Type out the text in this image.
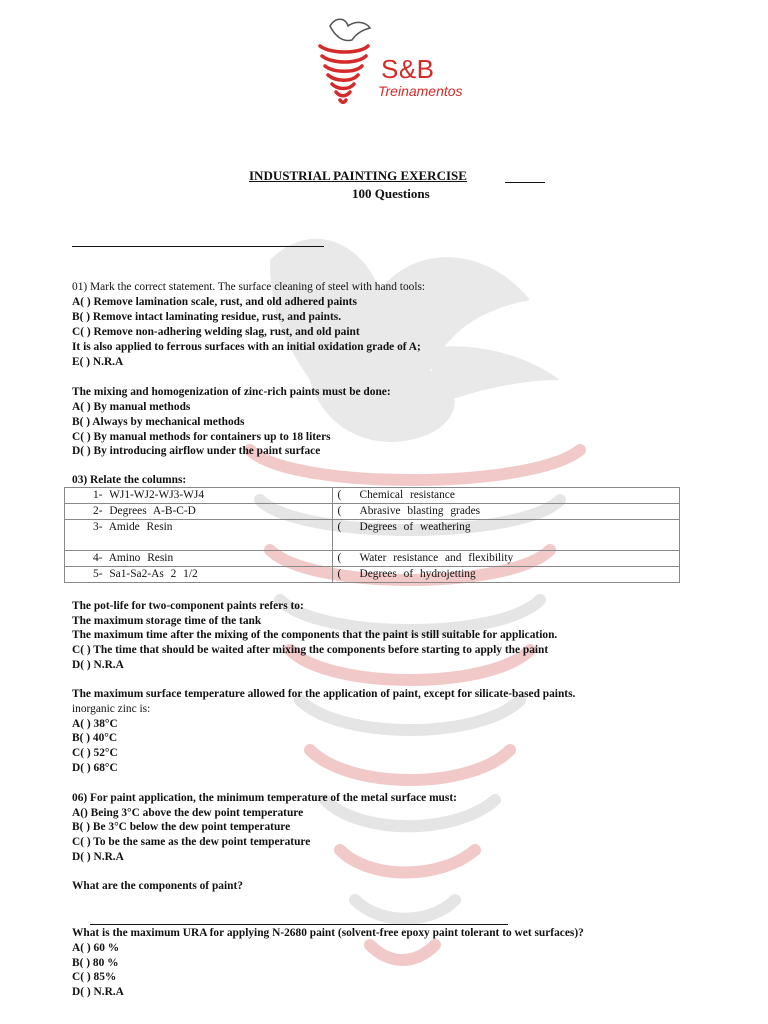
S&B
Treinamentos
INDUSTRIAL PAINTING EXERCISE
100 Questions
01) Mark the correct statement. The surface cleaning of steel with hand tools:
A( ) Remove lamination scale, rust, and old adhered paints
B( ) Remove intact laminating residue, rust, and paints.
C( ) Remove non-adhering welding slag, rust, and old paint
It is also applied to ferrous surfaces with an initial oxidation grade of A;
E( ) N.R.A
The mixing and homogenization of zinc-rich paints must be done:
A( ) By manual methods
B( ) Always by mechanical methods
C( ) By manual methods for containers up to 18 liters
D( ) By introducing airflow under the paint surface
03) Relate the columns:
1- WJ1-WJ2-WJ3-WJ4	( Chemical resistance
2- Degrees A-B-C-D	( Abrasive blasting grades
3- Amide Resin	( Degrees of weathering
4- Amino Resin	( Water resistance and flexibility
5- Sa1-Sa2-As 2 1/2	( Degrees of hydrojetting
The pot-life for two-component paints refers to:
The maximum storage time of the tank
The maximum time after the mixing of the components that the paint is still suitable for application.
C( ) The time that should be waited after mixing the components before starting to apply the paint
D( ) N.R.A
The maximum surface temperature allowed for the application of paint, except for silicate-based paints.
inorganic zinc is:
A( ) 38°C
B( ) 40°C
C( ) 52°C
D( ) 68°C
06) For paint application, the minimum temperature of the metal surface must:
A() Being 3°C above the dew point temperature
B( ) Be 3°C below the dew point temperature
C( ) To be the same as the dew point temperature
D( ) N.R.A
What are the components of paint?
What is the maximum URA for applying N-2680 paint (solvent-free epoxy paint tolerant to wet surfaces)?
A( ) 60 %
B( ) 80 %
C( ) 85%
D( ) N.R.A
